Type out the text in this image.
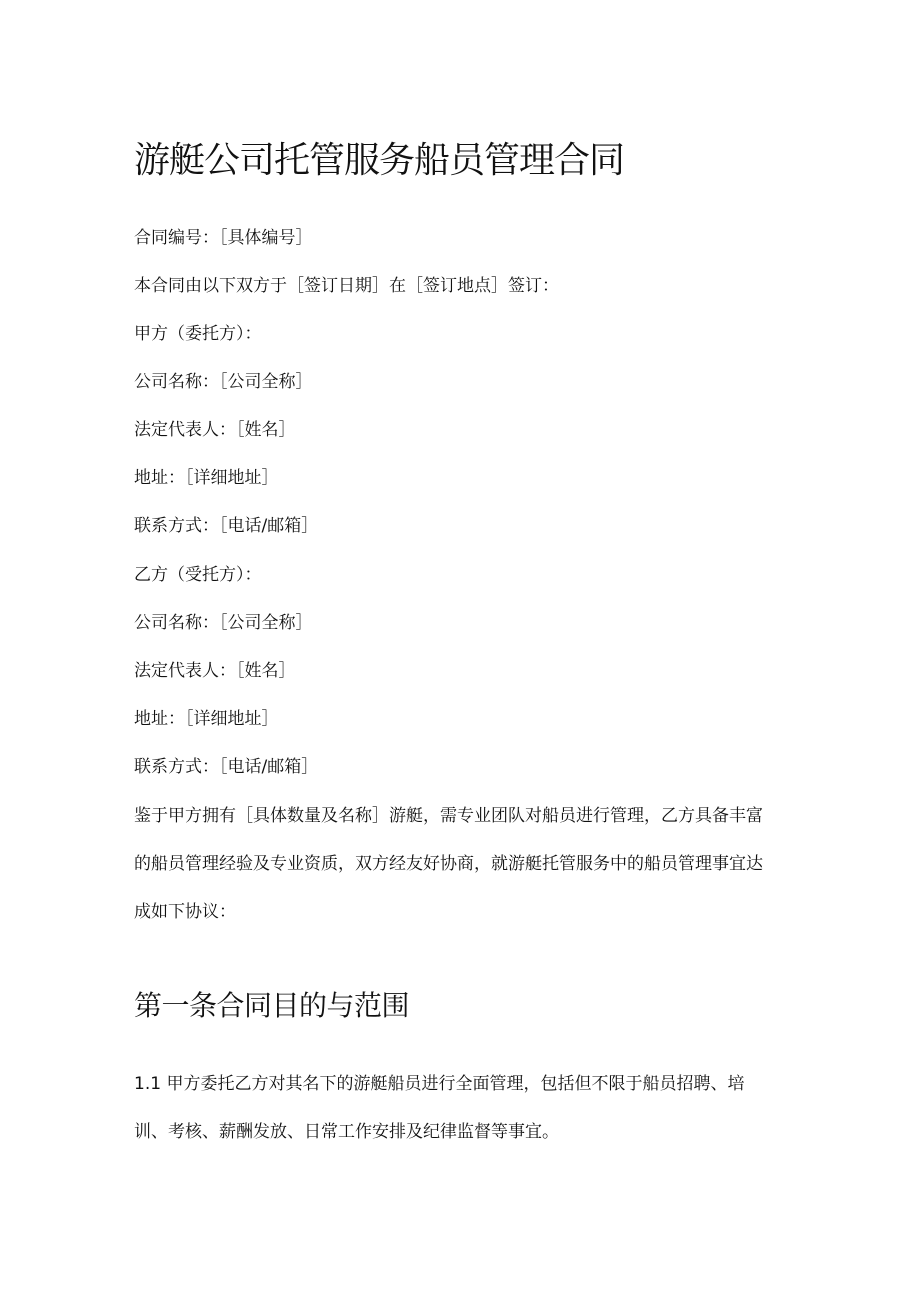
游艇公司托管服务船员管理合同

合同编号：［具体编号］

本合同由以下双方于［签订日期］在［签订地点］签订：

甲方（委托方）：

公司名称：［公司全称］

法定代表人：［姓名］

地址：［详细地址］

联系方式：［电话/邮箱］

乙方（受托方）：

公司名称：［公司全称］

法定代表人：［姓名］

地址：［详细地址］

联系方式：［电话/邮箱］

鉴于甲方拥有［具体数量及名称］游艇，需专业团队对船员进行管理，乙方具备丰富的船员管理经验及专业资质，双方经友好协商，就游艇托管服务中的船员管理事宜达成如下协议：

第一条合同目的与范围

1.1 甲方委托乙方对其名下的游艇船员进行全面管理，包括但不限于船员招聘、培训、考核、薪酬发放、日常工作安排及纪律监督等事宜。
